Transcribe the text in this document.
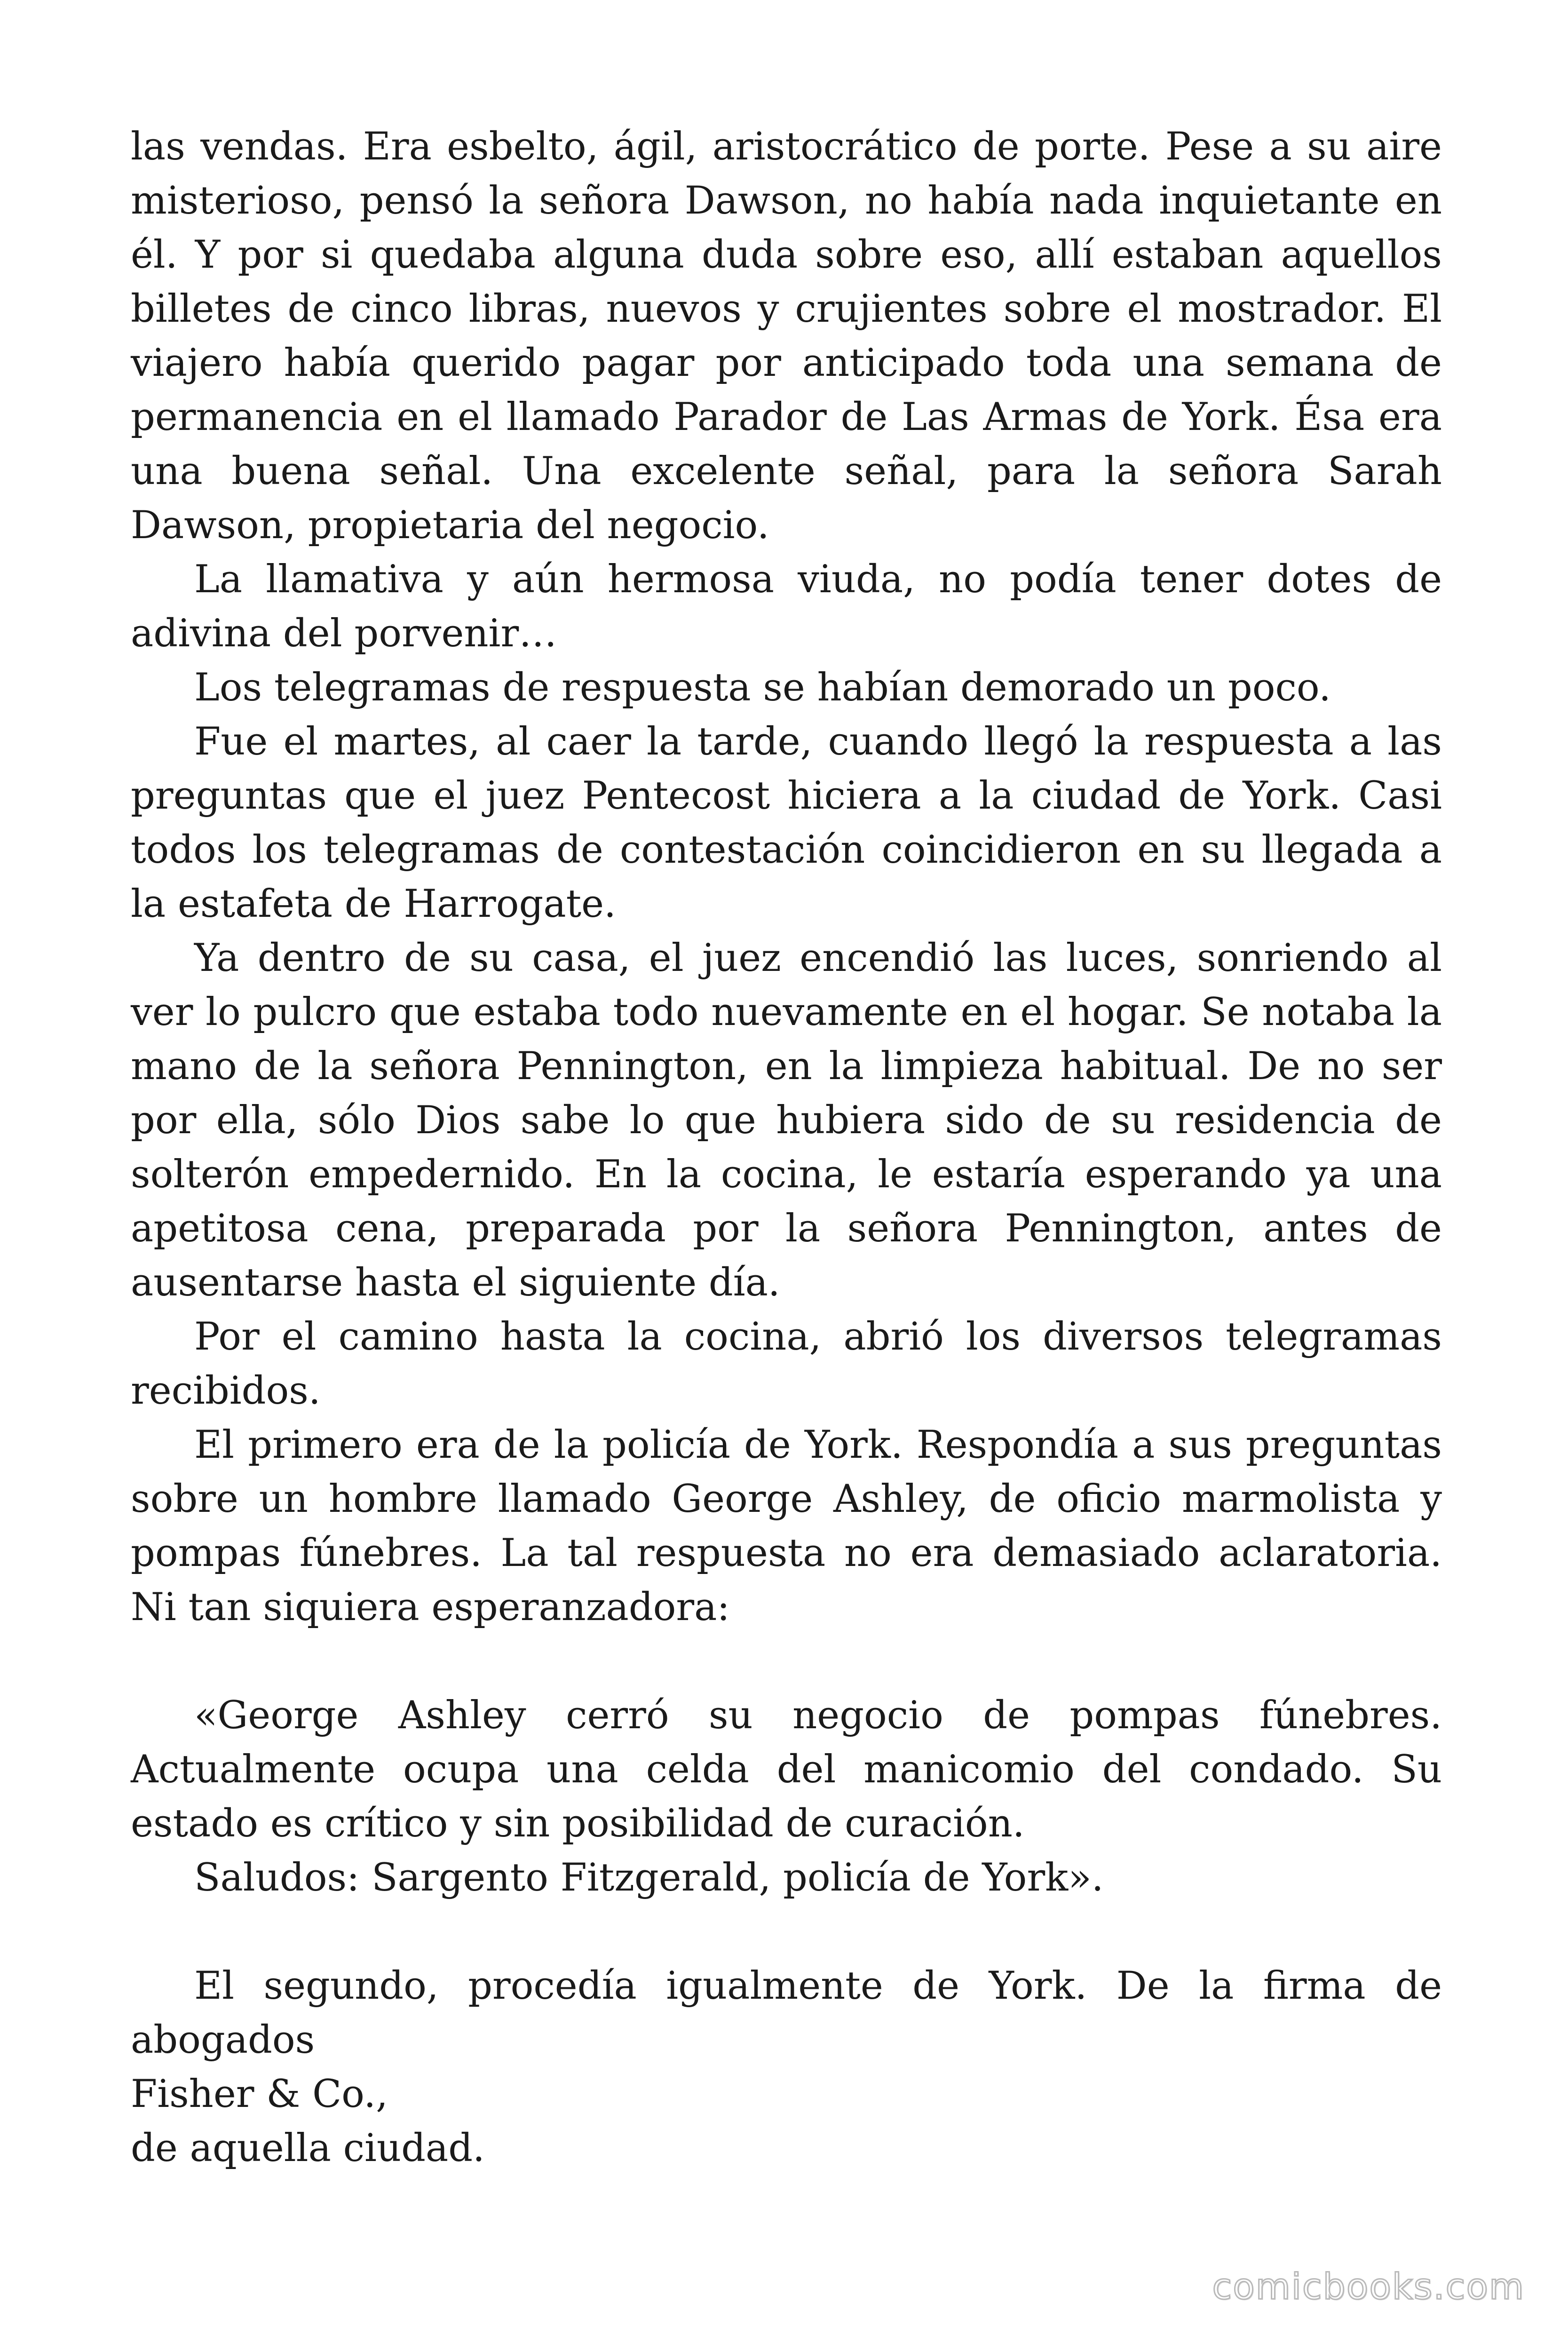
las vendas. Era esbelto, ágil, aristocrático de porte. Pese a su aire misterioso, pensó la señora Dawson, no había nada inquietante en él. Y por si quedaba alguna duda sobre eso, allí estaban aquellos billetes de cinco libras, nuevos y crujientes sobre el mostrador. El viajero había querido pagar por anticipado toda una semana de permanencia en el llamado Parador de Las Armas de York. Ésa era una buena señal. Una excelente señal, para la señora Sarah Dawson, propietaria del negocio.

La llamativa y aún hermosa viuda, no podía tener dotes de adivina del porvenir…

Los telegramas de respuesta se habían demorado un poco.

Fue el martes, al caer la tarde, cuando llegó la respuesta a las preguntas que el juez Pentecost hiciera a la ciudad de York. Casi todos los telegramas de contestación coincidieron en su llegada a la estafeta de Harrogate.

Ya dentro de su casa, el juez encendió las luces, sonriendo al ver lo pulcro que estaba todo nuevamente en el hogar. Se notaba la mano de la señora Pennington, en la limpieza habitual. De no ser por ella, sólo Dios sabe lo que hubiera sido de su residencia de solterón empedernido. En la cocina, le estaría esperando ya una apetitosa cena, preparada por la señora Pennington, antes de ausentarse hasta el siguiente día.

Por el camino hasta la cocina, abrió los diversos telegramas recibidos.

El primero era de la policía de York. Respondía a sus preguntas sobre un hombre llamado George Ashley, de oficio marmolista y pompas fúnebres. La tal respuesta no era demasiado aclaratoria. Ni tan siquiera esperanzadora:

«George Ashley cerró su negocio de pompas fúnebres. Actualmente ocupa una celda del manicomio del condado. Su estado es crítico y sin posibilidad de curación.

Saludos: Sargento Fitzgerald, policía de York».

El segundo, procedía igualmente de York. De la firma de abogados

Fisher & Co.,

de aquella ciudad.

comicbooks.com
